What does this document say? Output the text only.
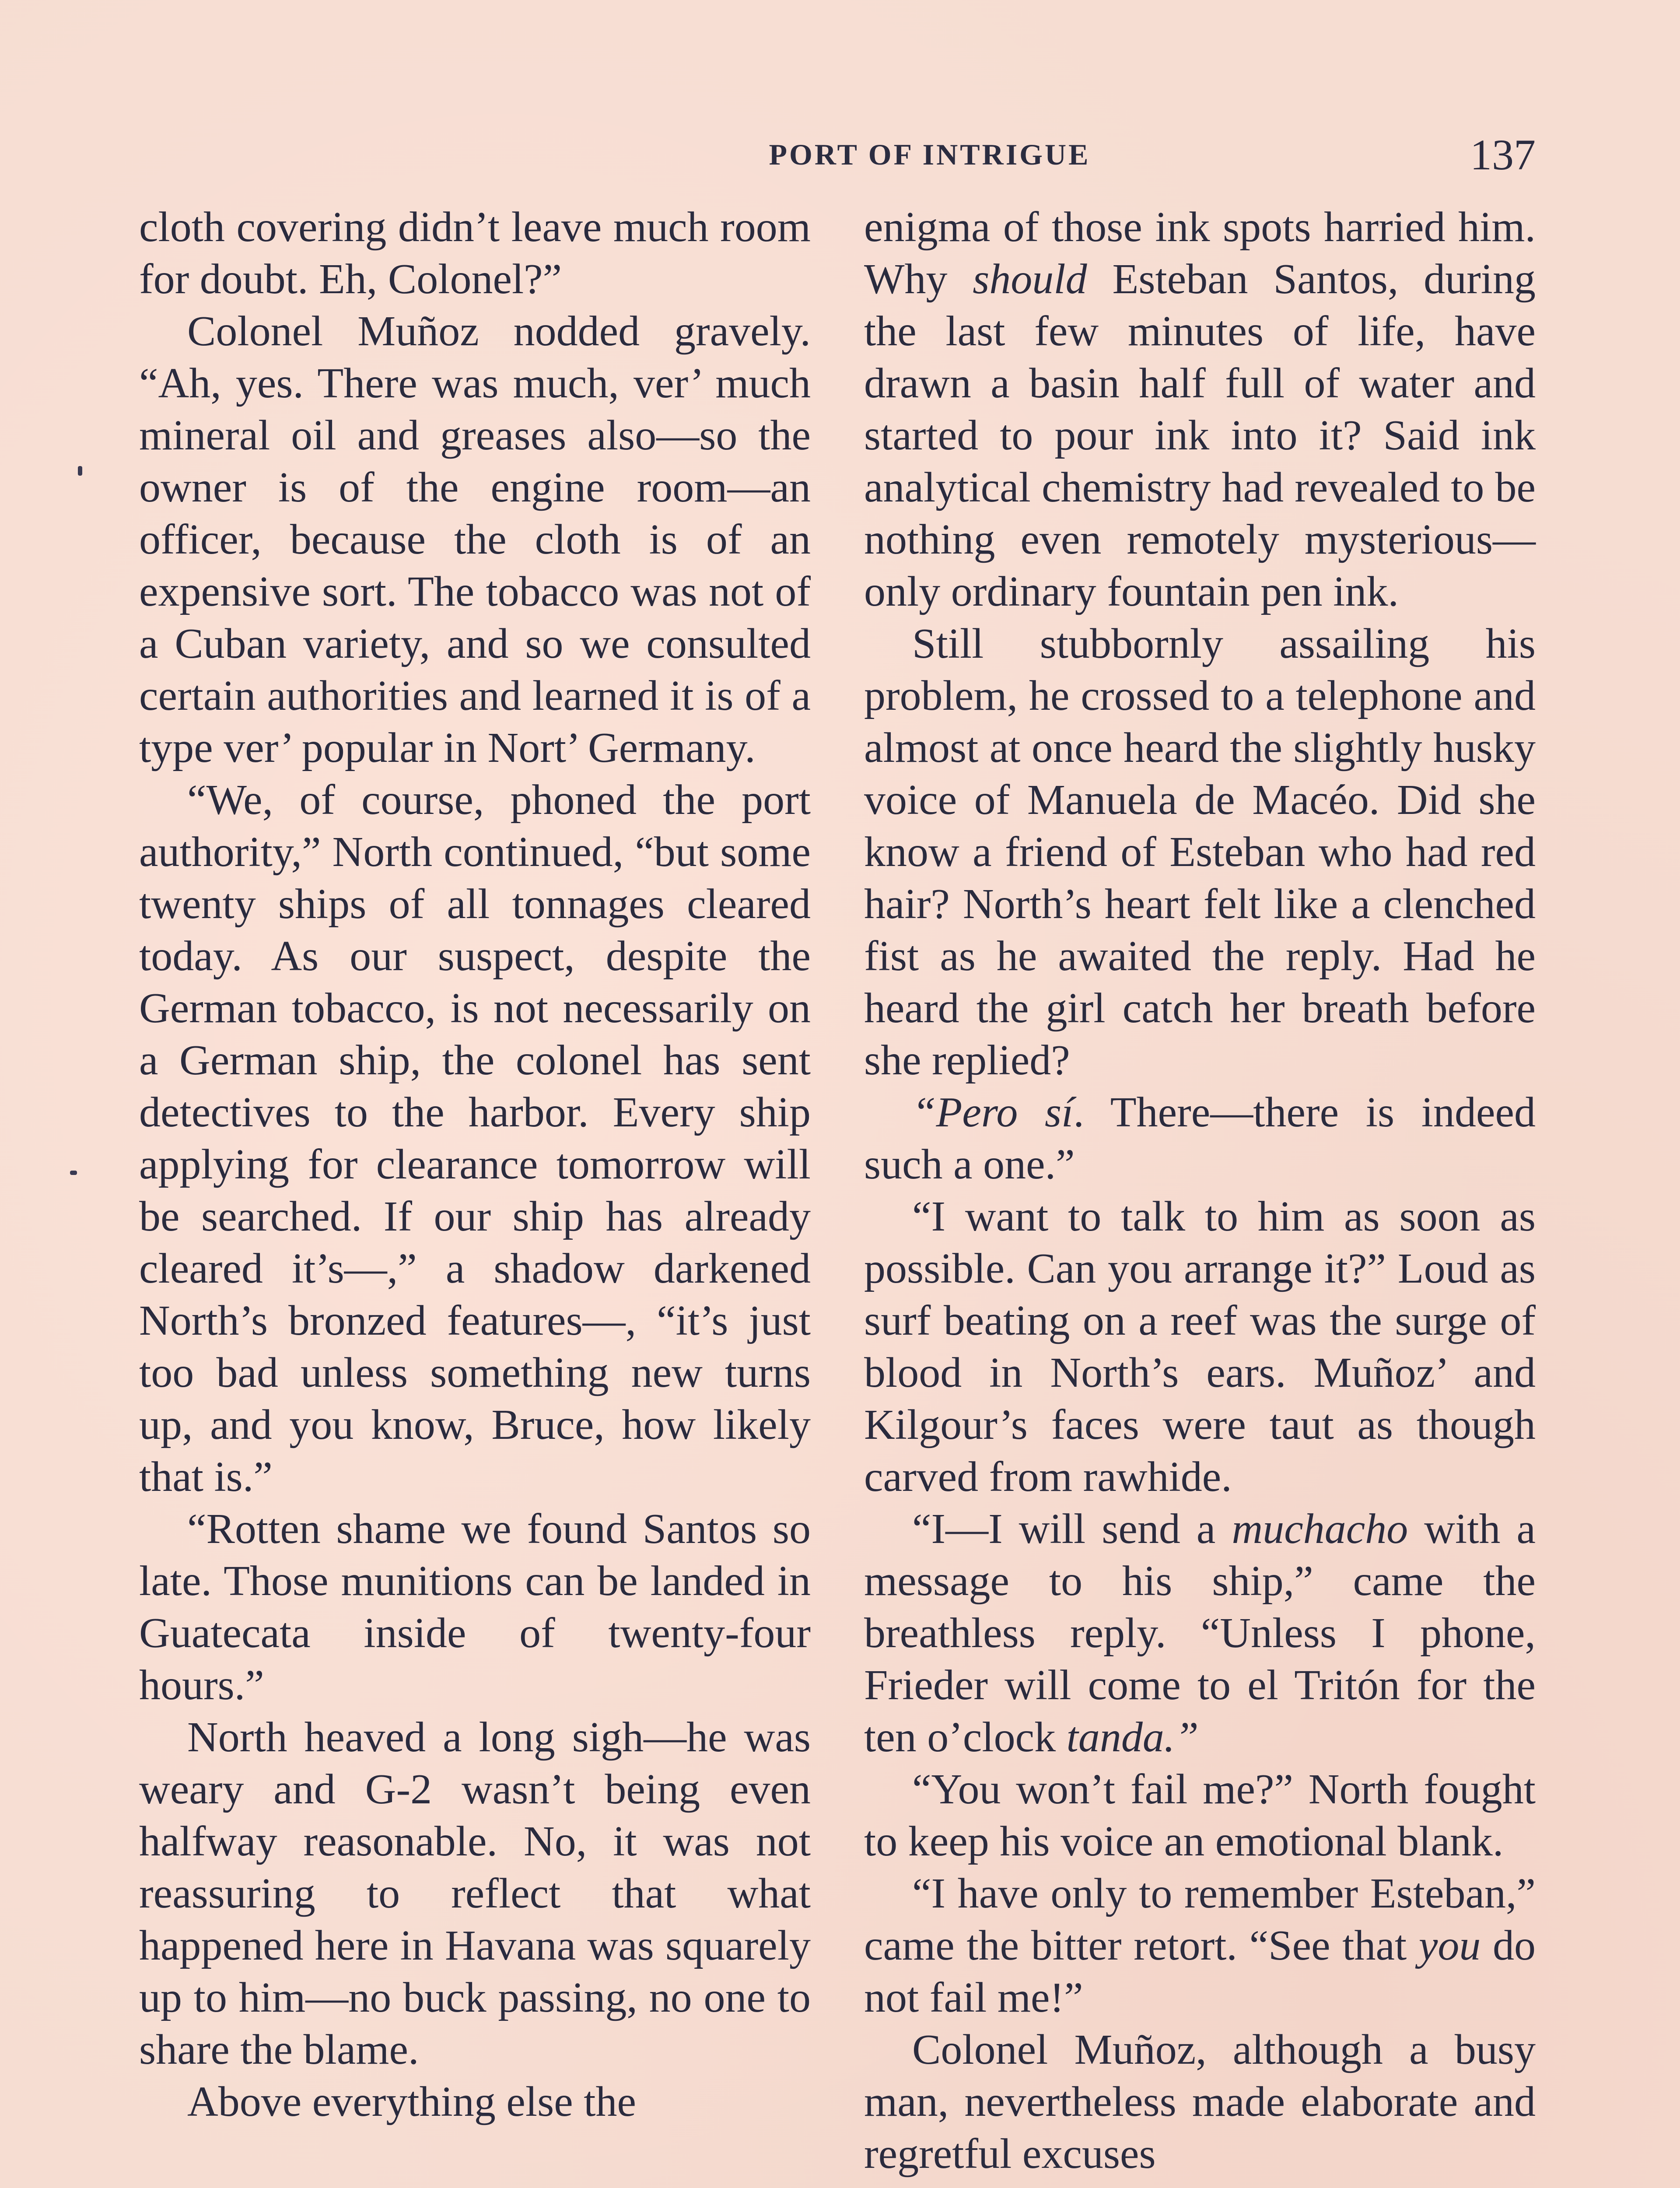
PORT OF INTRIGUE	137

cloth covering didn’t leave much room for doubt. Eh, Colonel?”

Colonel Muñoz nodded gravely. “Ah, yes. There was much, ver’ much mineral oil and greases also—so the owner is of the engine room—an officer, because the cloth is of an expensive sort. The tobacco was not of a Cuban variety, and so we consulted certain authorities and learned it is of a type ver’ popular in Nort’ Germany.

“We, of course, phoned the port authority,” North continued, “but some twenty ships of all tonnages cleared today. As our suspect, despite the German tobacco, is not necessarily on a German ship, the colonel has sent detectives to the harbor. Every ship applying for clearance tomorrow will be searched. If our ship has already cleared it’s—,” a shadow darkened North’s bronzed features—, “it’s just too bad unless something new turns up, and you know, Bruce, how likely that is.”

“Rotten shame we found Santos so late. Those munitions can be landed in Guatecata inside of twenty-four hours.”

North heaved a long sigh—he was weary and G-2 wasn’t being even halfway reasonable. No, it was not reassuring to reflect that what happened here in Havana was squarely up to him—no buck passing, no one to share the blame.

Above everything else the

enigma of those ink spots harried him. Why should Esteban Santos, during the last few minutes of life, have drawn a basin half full of water and started to pour ink into it? Said ink analytical chemistry had revealed to be nothing even remotely mysterious—only ordinary fountain pen ink.

Still stubbornly assailing his problem, he crossed to a telephone and almost at once heard the slightly husky voice of Manuela de Macéo. Did she know a friend of Esteban who had red hair? North’s heart felt like a clenched fist as he awaited the reply. Had he heard the girl catch her breath before she replied?

“Pero sí. There—there is indeed such a one.”

“I want to talk to him as soon as possible. Can you arrange it?” Loud as surf beating on a reef was the surge of blood in North’s ears. Muñoz’ and Kilgour’s faces were taut as though carved from rawhide.

“I—I will send a muchacho with a message to his ship,” came the breathless reply. “Unless I phone, Frieder will come to el Tritón for the ten o’clock tanda.”

“You won’t fail me?” North fought to keep his voice an emotional blank.

“I have only to remember Esteban,” came the bitter retort. “See that you do not fail me!”

Colonel Muñoz, although a busy man, nevertheless made elaborate and regretful excuses
